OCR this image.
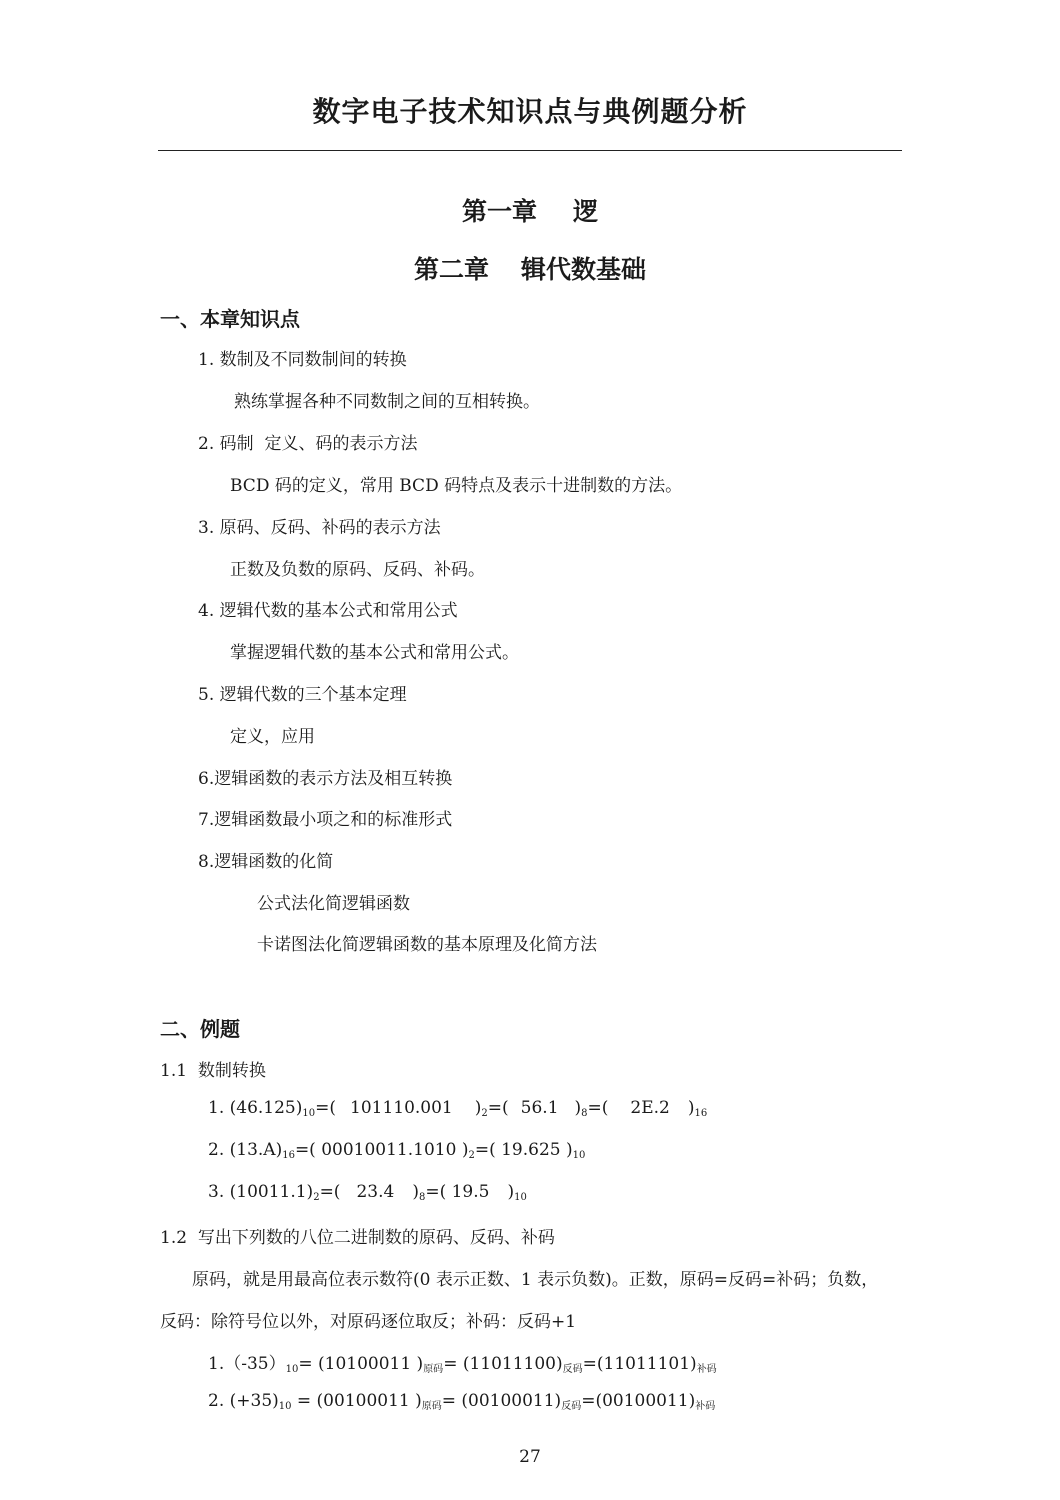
数字电子技术知识点与典例题分析
第一章 逻
第二章 辑代数基础
一、本章知识点
1. 数制及不同数制间的转换
熟练掌握各种不同数制之间的互相转换。
2. 码制  定义、码的表示方法
BCD 码的定义，常用 BCD 码特点及表示十进制数的方法。
3. 原码、反码、补码的表示方法
正数及负数的原码、反码、补码。
4. 逻辑代数的基本公式和常用公式
掌握逻辑代数的基本公式和常用公式。
5. 逻辑代数的三个基本定理
定义，应用
6.逻辑函数的表示方法及相互转换
7.逻辑函数最小项之和的标准形式
8.逻辑函数的化简
公式法化简逻辑函数
卡诺图法化简逻辑函数的基本原理及化简方法
二、例题
1.1  数制转换
1. $(46.125)_{10}=$( 101110.001 )$_2=$( 56.1 )$_8=$( 2E.2 )$_{16}$
2. $(13.A)_{16}=$( 00010011.1010 )$_2=$( 19.625 )$_{10}$
3. $(10011.1)_2=$( 23.4 )$_8=$( 19.5 )$_{10}$
1.2  写出下列数的八位二进制数的原码、反码、补码
原码，就是用最高位表示数符(0 表示正数、1 表示负数)。正数，原码=反码=补码；负数，
反码：除符号位以外，对原码逐位取反；补码：反码+1
$1.(-35)_{10}= (10100011$ )$_{原码}= (11011100)_{反码}=(11011101)_{补码}$
2. $(+35)_{10} = (00100011$ )$_{原码}= (00100011)_{反码}=(00100011)_{补码}$
27
